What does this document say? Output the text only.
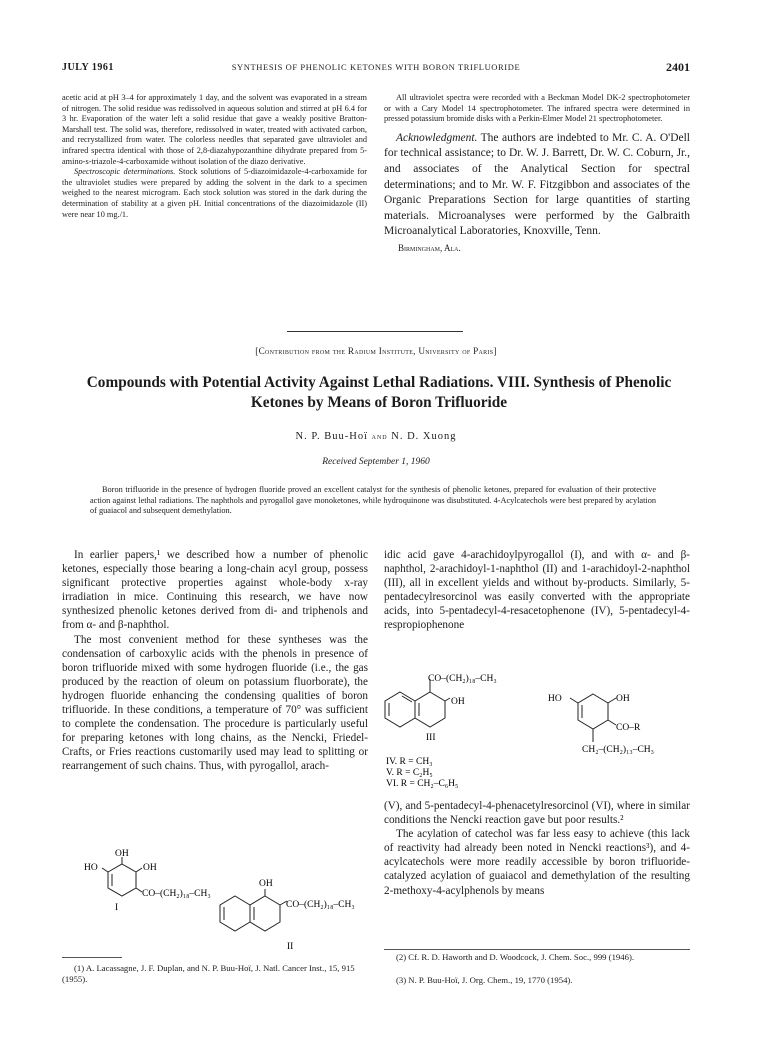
JULY 1961	SYNTHESIS OF PHENOLIC KETONES WITH BORON TRIFLUORIDE	2401

acetic acid at pH 3–4 for approximately 1 day, and the solvent was evaporated in a stream of nitrogen. The solid residue was redissolved in aqueous solution and stirred at pH 6.4 for 3 hr. Evaporation of the water left a solid residue that gave a weakly positive Bratton-Marshall test. The solid was, therefore, redissolved in water, treated with activated carbon, and recrystallized from water. The colorless needles that separated gave ultraviolet and infrared spectra identical with those of 2,8-diazahypozanthine dihydrate prepared from 5-amino-s-triazole-4-carboxamide without isolation of the diazo derivative.

Spectroscopic determinations. Stock solutions of 5-diazoimidazole-4-carboxamide for the ultraviolet studies were prepared by adding the solvent in the dark to a specimen weighed to the nearest microgram. Each stock solution was stored in the dark during the determination of stability at a given pH. Initial concentrations of the diazoimidazole (II) were near 10 mg./1.

All ultraviolet spectra were recorded with a Beckman Model DK-2 spectrophotometer or with a Cary Model 14 spectrophotometer. The infrared spectra were determined in pressed potassium bromide disks with a Perkin-Elmer Model 21 spectrophotometer.

Acknowledgment. The authors are indebted to Mr. C. A. O'Dell for technical assistance; to Dr. W. J. Barrett, Dr. W. C. Coburn, Jr., and associates of the Analytical Section for spectral determinations; and to Mr. W. F. Fitzgibbon and associates of the Organic Preparations Section for large quantities of starting materials. Microanalyses were performed by the Galbraith Microanalytical Laboratories, Knoxville, Tenn.

Birmingham, Ala.

[Contribution from the Radium Institute, University of Paris]
Compounds with Potential Activity Against Lethal Radiations. VIII. Synthesis of Phenolic Ketones by Means of Boron Trifluoride
N. P. Buu-Hoï and N. D. Xuong
Received September 1, 1960
Boron trifluoride in the presence of hydrogen fluoride proved an excellent catalyst for the synthesis of phenolic ketones, prepared for evaluation of their protective action against lethal radiations. The naphthols and pyrogallol gave monoketones, while hydroquinone was disubstituted. 4-Acylcatechols were best prepared by acylation of guaiacol and subsequent demethylation.

In earlier papers,¹ we described how a number of phenolic ketones, especially those bearing a long-chain acyl group, possess significant protective properties against whole-body x-ray irradiation in mice. Continuing this research, we have now synthesized phenolic ketones derived from di- and triphenols and from α- and β-naphthol.

The most convenient method for these syntheses was the condensation of carboxylic acids with the phenols in presence of boron trifluoride mixed with some hydrogen fluoride (i.e., the gas produced by the reaction of oleum on potassium fluorborate), the hydrogen fluoride enhancing the condensing qualities of boron trifluoride. In these conditions, a temperature of 70° was sufficient to complete the condensation. The procedure is particularly useful for preparing ketones with long chains, as the Nencki, Friedel-Crafts, or Fries reactions customarily used may lead to splitting or rearrangement of such chains. Thus, with pyrogallol, arach-

idic acid gave 4-arachidoylpyrogallol (I), and with α- and β-naphthol, 2-arachidoyl-1-naphthol (II) and 1-arachidoyl-2-naphthol (III), all in excellent yields and without by-products. Similarly, 5-pentadecylresorcinol was easily converted with the appropriate acids, into 5-pentadecyl-4-resacetophenone (IV), 5-pentadecyl-4-respropiophenone

(V), and 5-pentadecyl-4-phenacetylresorcinol (VI), where in similar conditions the Nencki reaction gave but poor results.²

The acylation of catechol was far less easy to achieve (this lack of reactivity had already been noted in Nencki reactions³), and 4-acylcatechols were more readily accessible by boron trifluoride-catalyzed acylation of guaiacol and demethylation of the resulting 2-methoxy-4-acylphenols by means

CO–(CH₂)₁₈–CH₃
OH
III
HO	OH
CO–R
CH₂–(CH₂)₁₃–CH₃
IV. R = CH₃
V. R = C₂H₅
VI. R = CH₂–C₆H₅
OH
HO	OH
CO–(CH₂)₁₈–CH₃
I
OH
CO–(CH₂)₁₈–CH₃
II
(1) A. Lacassagne, J. F. Duplan, and N. P. Buu-Hoï, J. Natl. Cancer Inst., 15, 915 (1955).
(2) Cf. R. D. Haworth and D. Woodcock, J. Chem. Soc., 999 (1946).
(3) N. P. Buu-Hoï, J. Org. Chem., 19, 1770 (1954).
